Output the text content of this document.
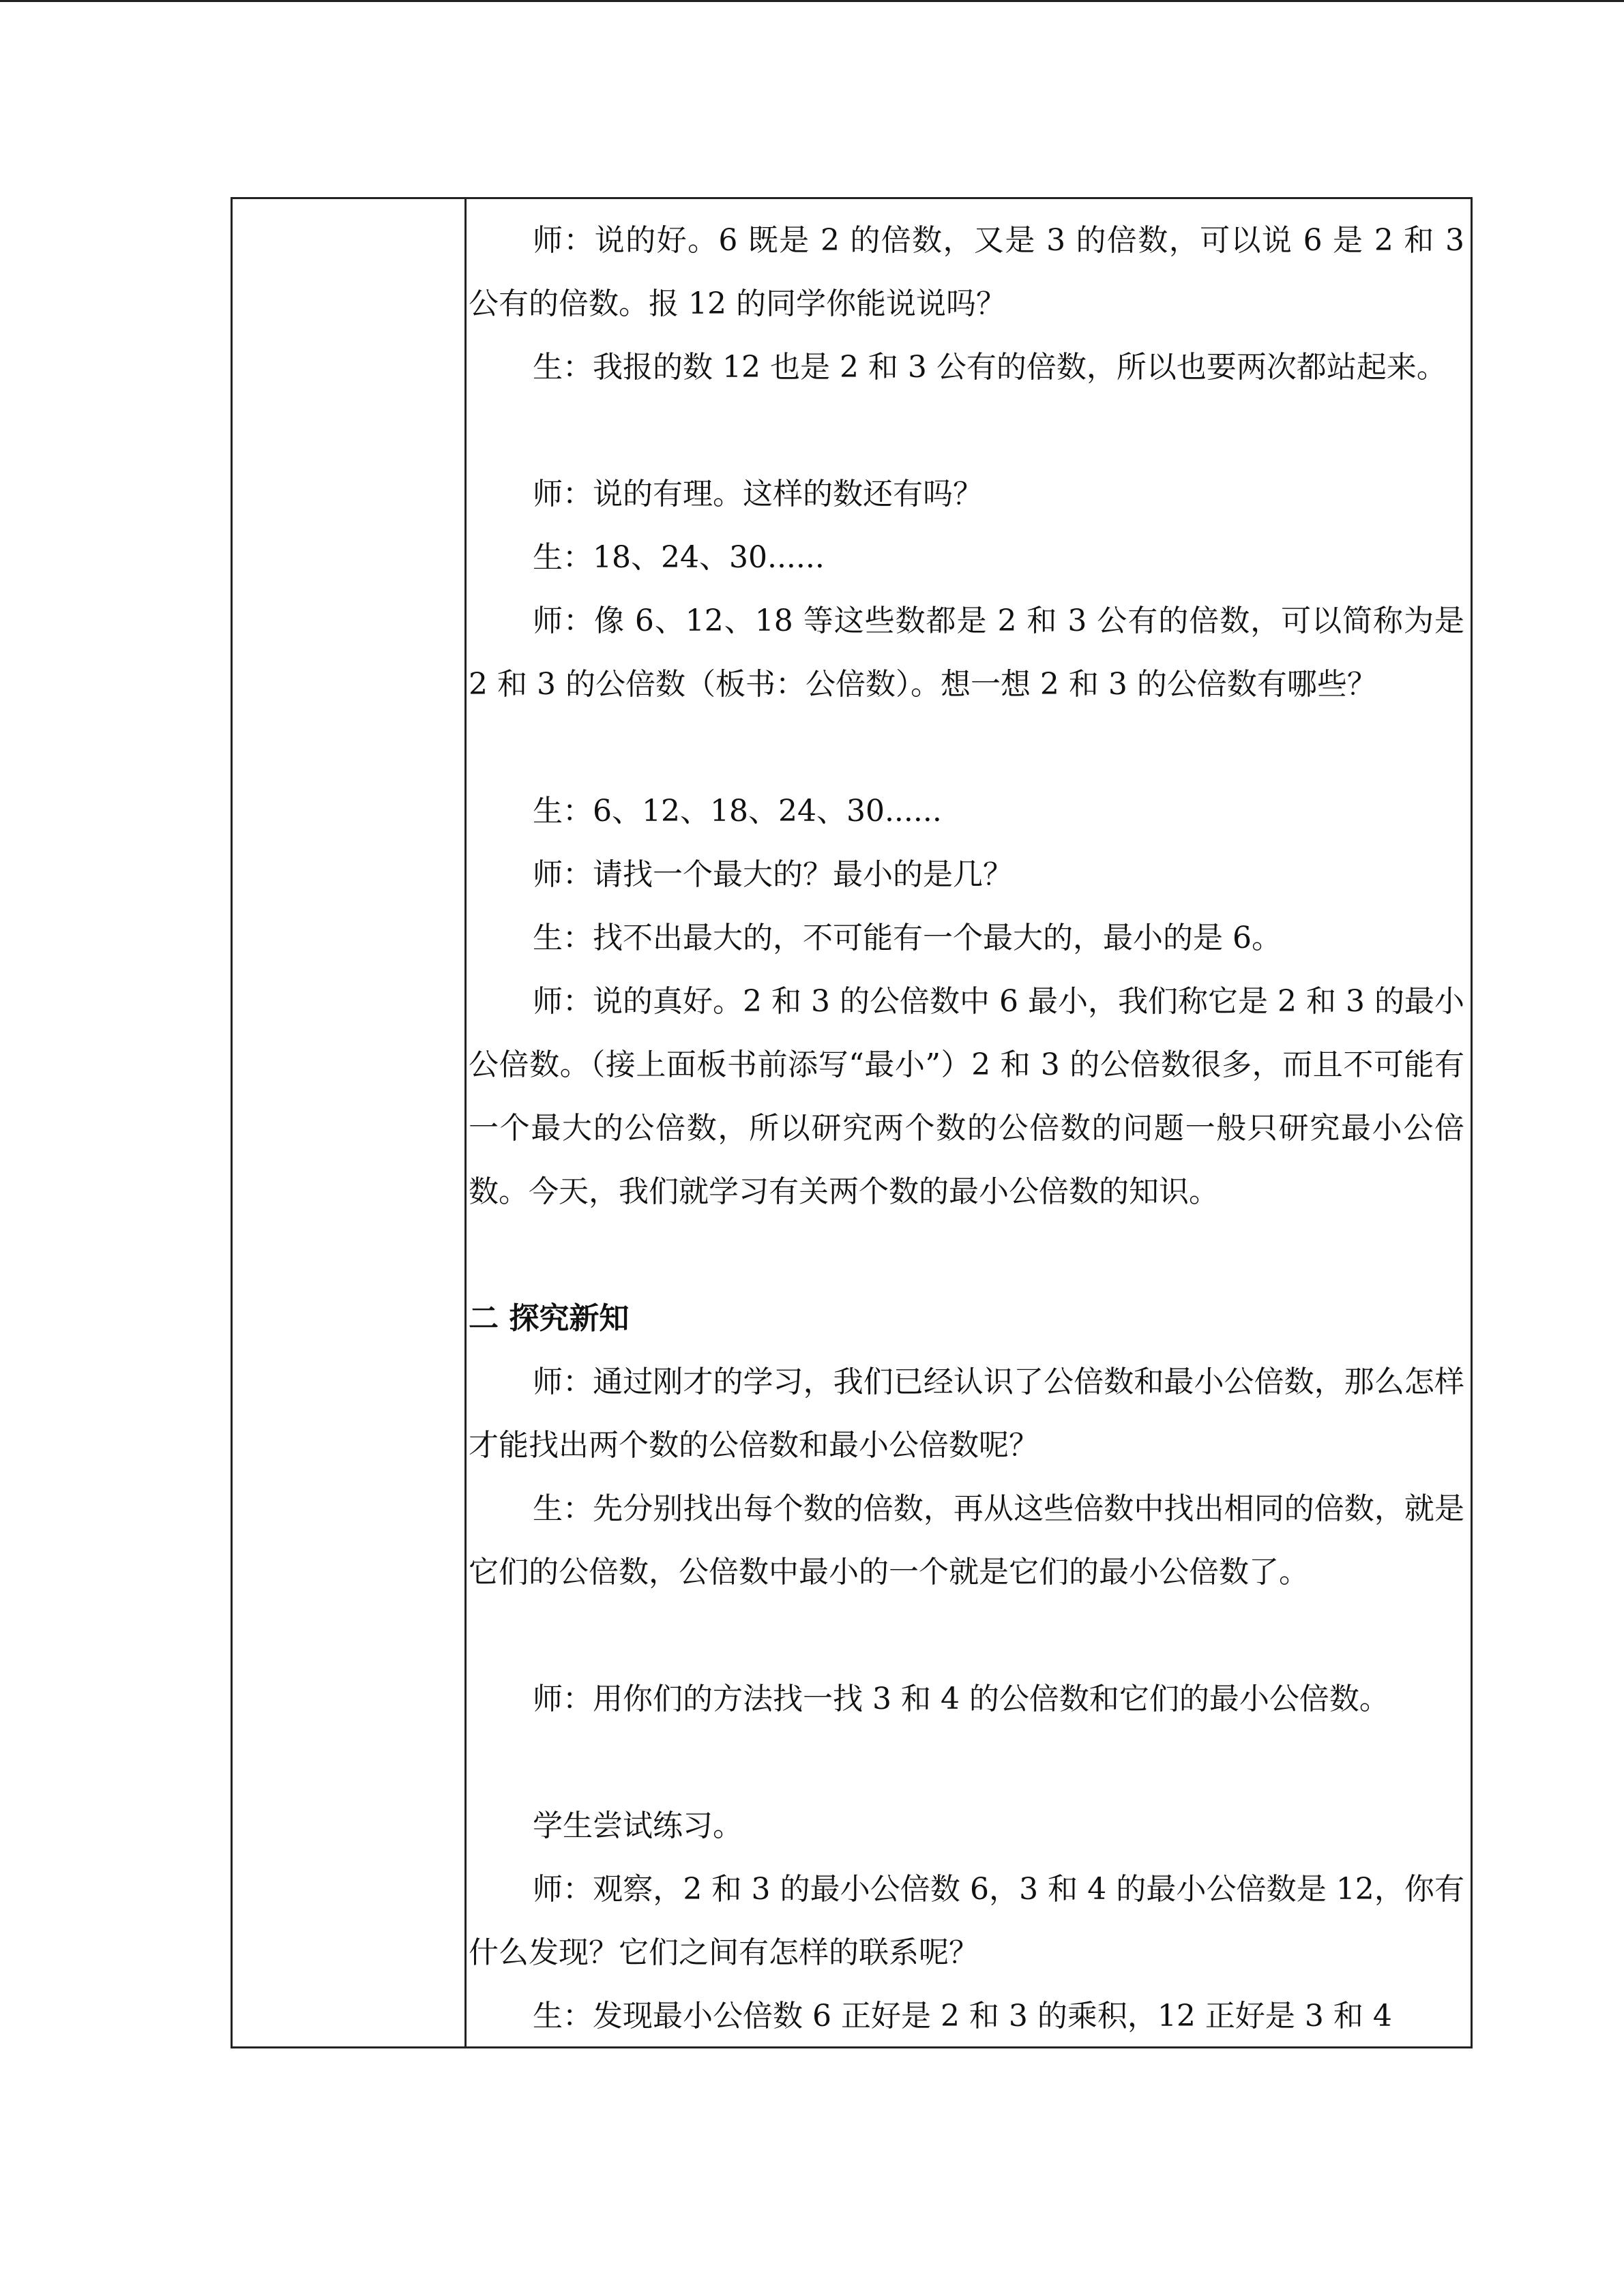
师：说的好。6 既是 2 的倍数，又是 3 的倍数，可以说 6 是 2 和 3 公有的倍数。报 12 的同学你能说说吗？

生：我报的数 12 也是 2 和 3 公有的倍数，所以也要两次都站起来。

师：说的有理。这样的数还有吗？

生：18、24、30......

师：像 6、12、18 等这些数都是 2 和 3 公有的倍数，可以简称为是 2 和 3 的公倍数（板书：公倍数）。想一想 2 和 3 的公倍数有哪些？

生：6、12、18、24、30......

师：请找一个最大的？最小的是几？

生：找不出最大的，不可能有一个最大的，最小的是 6。

师：说的真好。2 和 3 的公倍数中 6 最小，我们称它是 2 和 3 的最小公倍数。（接上面板书前添写“最小”）2 和 3 的公倍数很多，而且不可能有一个最大的公倍数，所以研究两个数的公倍数的问题一般只研究最小公倍数。今天，我们就学习有关两个数的最小公倍数的知识。

二 探究新知

师：通过刚才的学习，我们已经认识了公倍数和最小公倍数，那么怎样才能找出两个数的公倍数和最小公倍数呢？

生：先分别找出每个数的倍数，再从这些倍数中找出相同的倍数，就是它们的公倍数，公倍数中最小的一个就是它们的最小公倍数了。

师：用你们的方法找一找 3 和 4 的公倍数和它们的最小公倍数。

学生尝试练习。

师：观察，2 和 3 的最小公倍数 6，3 和 4 的最小公倍数是 12，你有什么发现？它们之间有怎样的联系呢？

生：发现最小公倍数 6 正好是 2 和 3 的乘积，12 正好是 3 和 4
